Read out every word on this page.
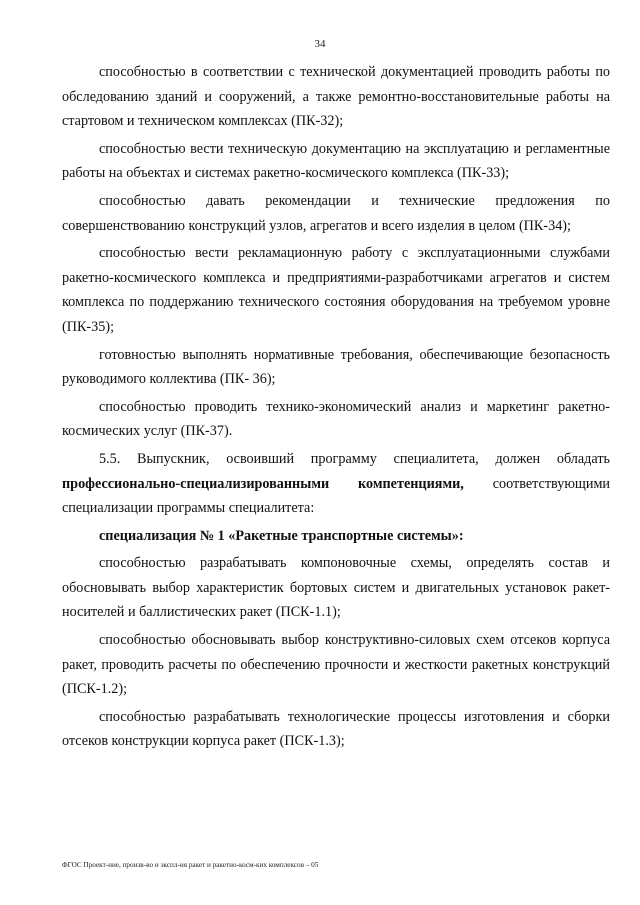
34

способностью в соответствии с технической документацией проводить работы по обследованию зданий и сооружений, а также ремонтно-восстановительные работы на стартовом и техническом комплексах (ПК-32);

способностью вести техническую документацию на эксплуатацию и регламентные работы на объектах и системах ракетно-космического комплекса (ПК-33);

способностью давать рекомендации и технические предложения по совершенствованию конструкций узлов, агрегатов и всего изделия в целом (ПК-34);

способностью вести рекламационную работу с эксплуатационными службами ракетно-космического комплекса и предприятиями-разработчиками агрегатов и систем комплекса по поддержанию технического состояния оборудования на требуемом уровне (ПК-35);

готовностью выполнять нормативные требования, обеспечивающие безопасность руководимого коллектива (ПК- 36);

способностью проводить технико-экономический анализ и маркетинг ракетно-космических услуг (ПК-37).

5.5. Выпускник, освоивший программу специалитета, должен обладать профессионально-специализированными компетенциями, соответствующими специализации программы специалитета:

специализация № 1 «Ракетные транспортные системы»:

способностью разрабатывать компоновочные схемы, определять состав и обосновывать выбор характеристик бортовых систем и двигательных установок ракет-носителей и баллистических ракет (ПСК-1.1);

способностью обосновывать выбор конструктивно-силовых схем отсеков корпуса ракет, проводить расчеты по обеспечению прочности и жесткости ракетных конструкций (ПСК-1.2);

способностью разрабатывать технологические процессы изготовления и сборки отсеков конструкции корпуса ракет (ПСК-1.3);

ФГОС Проект-ние, произв-во и экспл-ия ракет и ракетно-косм-ких комплексов – 05
